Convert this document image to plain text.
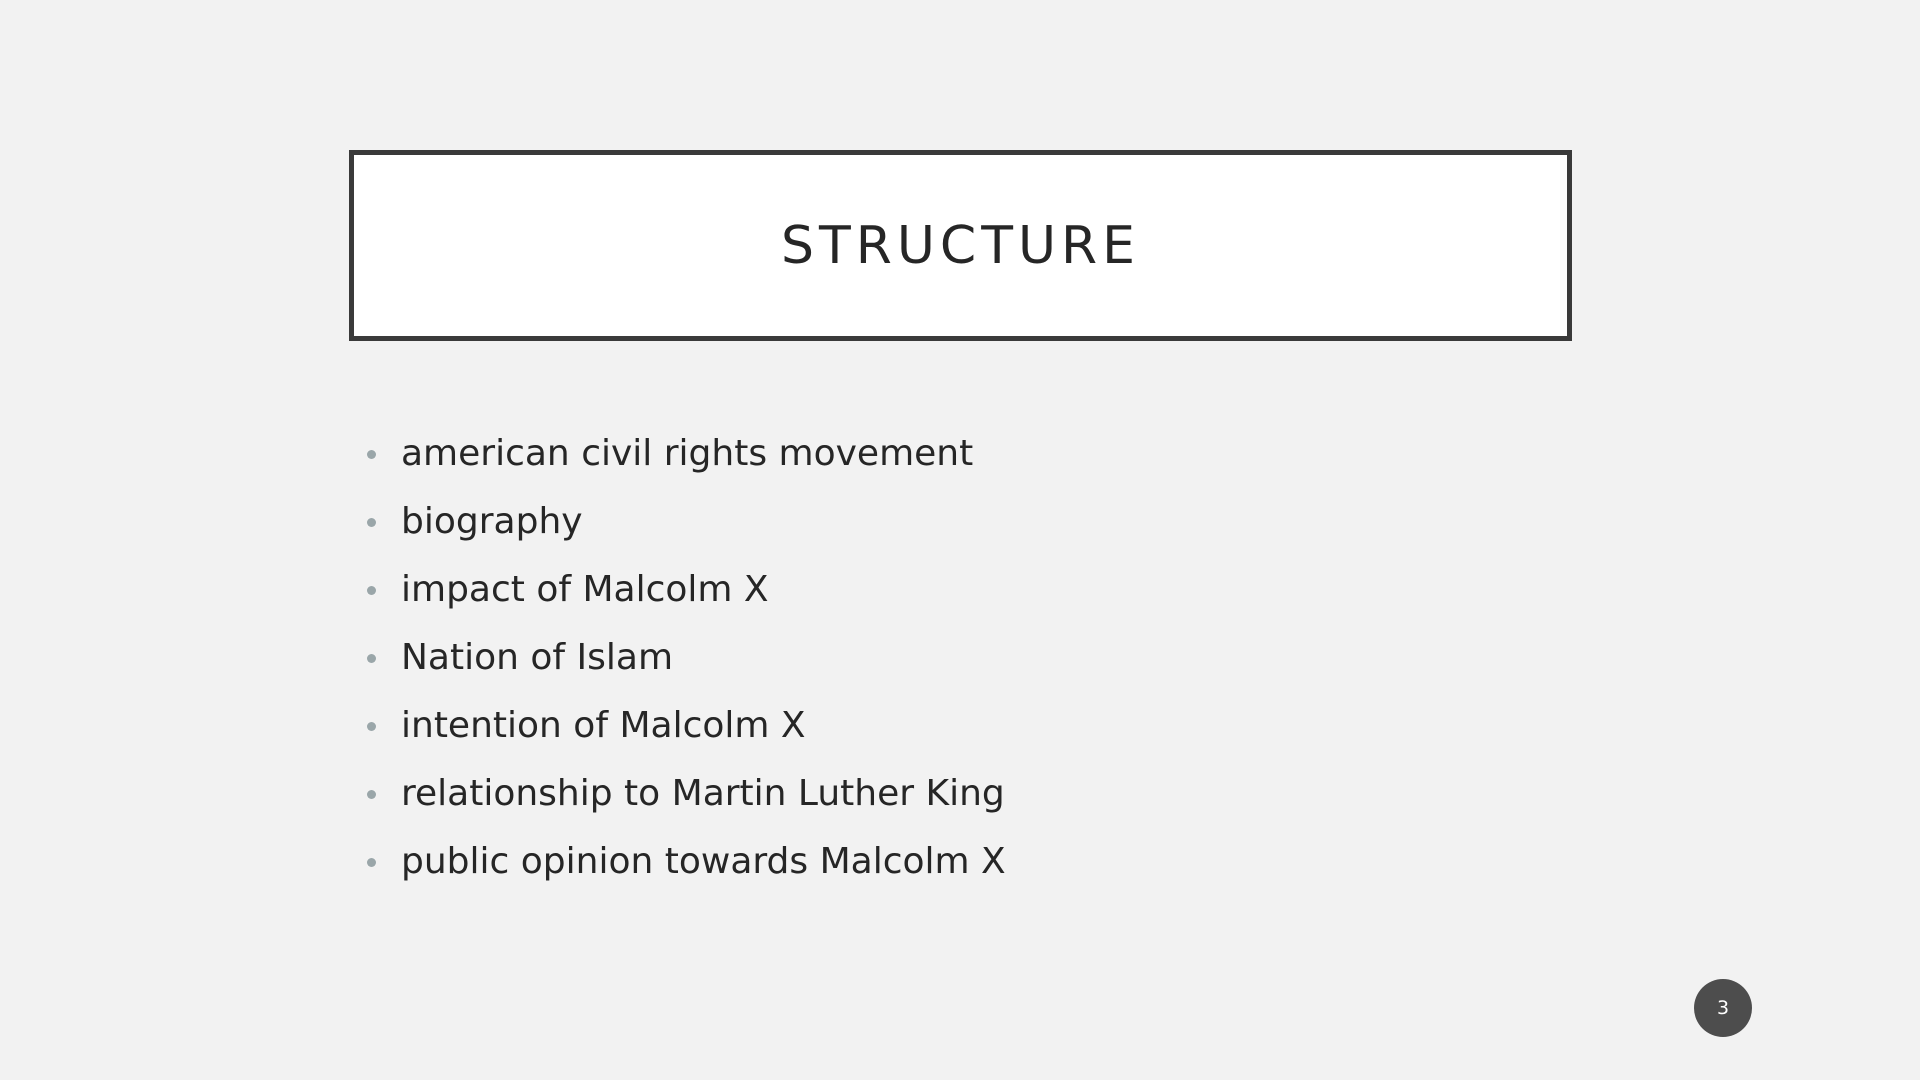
STRUCTURE
american civil rights movement
biography
impact of Malcolm X
Nation of Islam
intention of Malcolm X
relationship to Martin Luther King
public opinion towards Malcolm X
3
